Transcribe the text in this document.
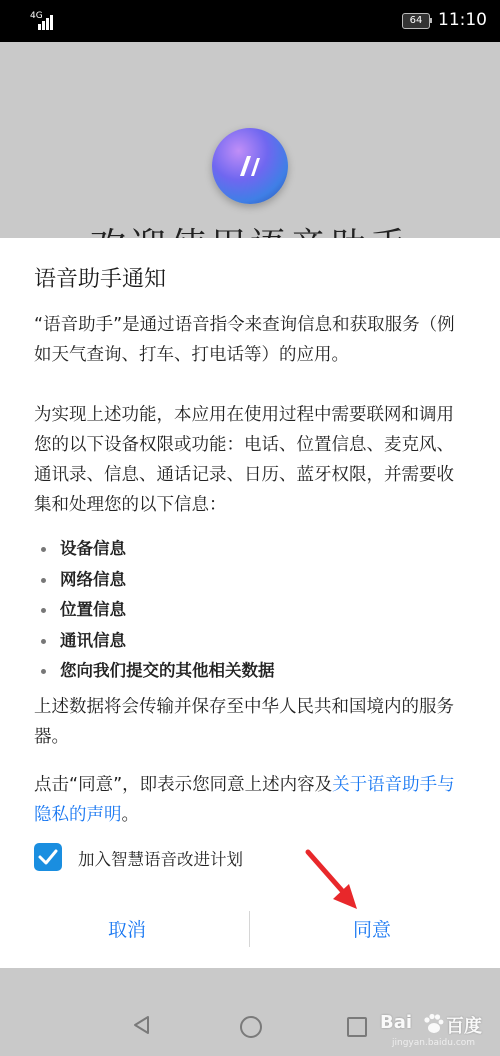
4G	64 11:10
语音助手通知
“语音助手”是通过语音指令来查询信息和获取服务（例如天气查询、打车、打电话等）的应用。
为实现上述功能，本应用在使用过程中需要联网和调用您的以下设备权限或功能：电话、位置信息、麦克风、通讯录、信息、通话记录、日历、蓝牙权限，并需要收集和处理您的以下信息：
设备信息
网络信息
位置信息
通讯信息
您向我们提交的其他相关数据
上述数据将会传输并保存至中华人民共和国境内的服务器。
点击“同意”，即表示您同意上述内容及关于语音助手与隐私的声明。
加入智慧语音改进计划
取消	同意
Bai 百度
jingyan.baidu.com
